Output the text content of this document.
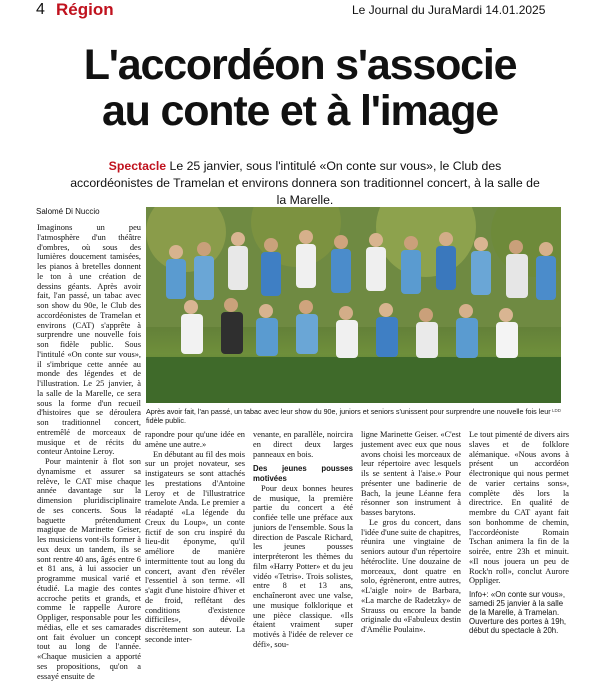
4 Région	Le Journal du Jura Mardi 14.01.2025
L'accordéon s'associe
au conte et à l'image
Spectacle Le 25 janvier, sous l'intitulé «On conte sur vous», le Club des accordéonistes de Tramelan et environs donnera son traditionnel concert, à la salle de la Marelle.
Salomé Di Nuccio

Imaginons un peu l'atmosphère d'un théâtre d'ombres, où sous des lumières doucement tamisées, les pianos à bretelles donnent le ton à une création de dessins géants. Après avoir fait, l'an passé, un tabac avec son show du 90e, le Club des accordéonistes de Tramelan et environs (CAT) s'apprête à surprendre une nouvelle fois son fidèle public. Sous l'intitulé «On conte sur vous», il s'imbrique cette année au monde des légendes et de l'illustration. Le 25 janvier, à la salle de la Marelle, ce sera sous la forme d'un recueil d'histoires que se déroulera son traditionnel concert, entremêlé de morceaux de musique et de récits du conteur Antoine Leroy.

Pour maintenir à flot son dynamisme et assurer sa relève, le CAT mise chaque année davantage sur la dimension pluridisciplinaire de ses concerts. Sous la baguette prétendument magique de Marinette Geiser, les musiciens vont-ils former à eux deux un tandem, ils se sont rentre 40 ans, âgés entre 6 et 81 ans, à lui associer un programme musical varié et étudié. La magie des contes accroche petits et grands, et comme le rappelle Aurore Oppliger, responsable pour les médias, elle et ses camarades ont fait évoluer un concept tout au long de l'année. «Chaque musicien a apporté ses propositions, qu'on a essayé ensuite de

Après avoir fait, l'an passé, un tabac avec leur show du 90e, juniors et seniors s'unissent pour surprendre une nouvelle fois leur fidèle public.
LDD

rapondre pour qu'une idée en amène une autre.»

En débutant au fil des mois sur un projet novateur, ses instigateurs se sont attachés les prestations d'Antoine Leroy et de l'illustratrice tramelote Anda. Le premier a réadapté «La légende du Creux du Loup», un conte fictif de son cru inspiré du lieu-dit éponyme, qu'il améliore de manière intermittente tout au long du concert, avant d'en révéler l'essentiel à son terme. «Il s'agit d'une histoire d'hiver et de froid, reflétant des conditions d'existence difficiles», dévoile discrètement son auteur. La seconde inter-

venante, en parallèle, noircira en direct deux larges panneaux en bois.

Des jeunes pousses motivées

Pour deux bonnes heures de musique, la première partie du concert a été confiée telle une préface aux juniors de l'ensemble. Sous la direction de Pascale Richard, les jeunes pousses interpréteront les thèmes du film «Harry Potter» et du jeu vidéo «Tetris». Trois solistes, entre 8 et 13 ans, enchaîneront avec une valse, une musique folklorique et une pièce classique. «Ils étaient vraiment super motivés à l'idée de relever ce défi», sou-

ligne Marinette Geiser. «C'est justement avec eux que nous avons choisi les morceaux de leur répertoire avec lesquels ils se sentent à l'aise.» Pour présenter une badinerie de Bach, la jeune Léanne fera résonner son instrument à basses barytons.

Le gros du concert, dans l'idée d'une suite de chapitres, réunira une vingtaine de seniors autour d'un répertoire hétéroclite. Une douzaine de morceaux, dont quatre en solo, égrèneront, entre autres, «L'aigle noir» de Barbara, «La marche de Radetzky» de Strauss ou encore la bande originale du «Fabuleux destin d'Amélie Poulain».

Le tout pimenté de divers airs slaves et de folklore alémanique. «Nous avons à présent un accordéon électronique qui nous permet de varier certains sons», complète dès lors la directrice. En qualité de membre du CAT ayant fait son bonhomme de chemin, l'accordéoniste Romain Tschan animera la fin de la soirée, entre 23h et minuit. «Il nous jouera un peu de Rock'n roll», conclut Aurore Oppliger.

Info+: «On conte sur vous», samedi 25 janvier à la salle de la Marelle, à Tramelan. Ouverture des portes à 19h, début du spectacle à 20h.
